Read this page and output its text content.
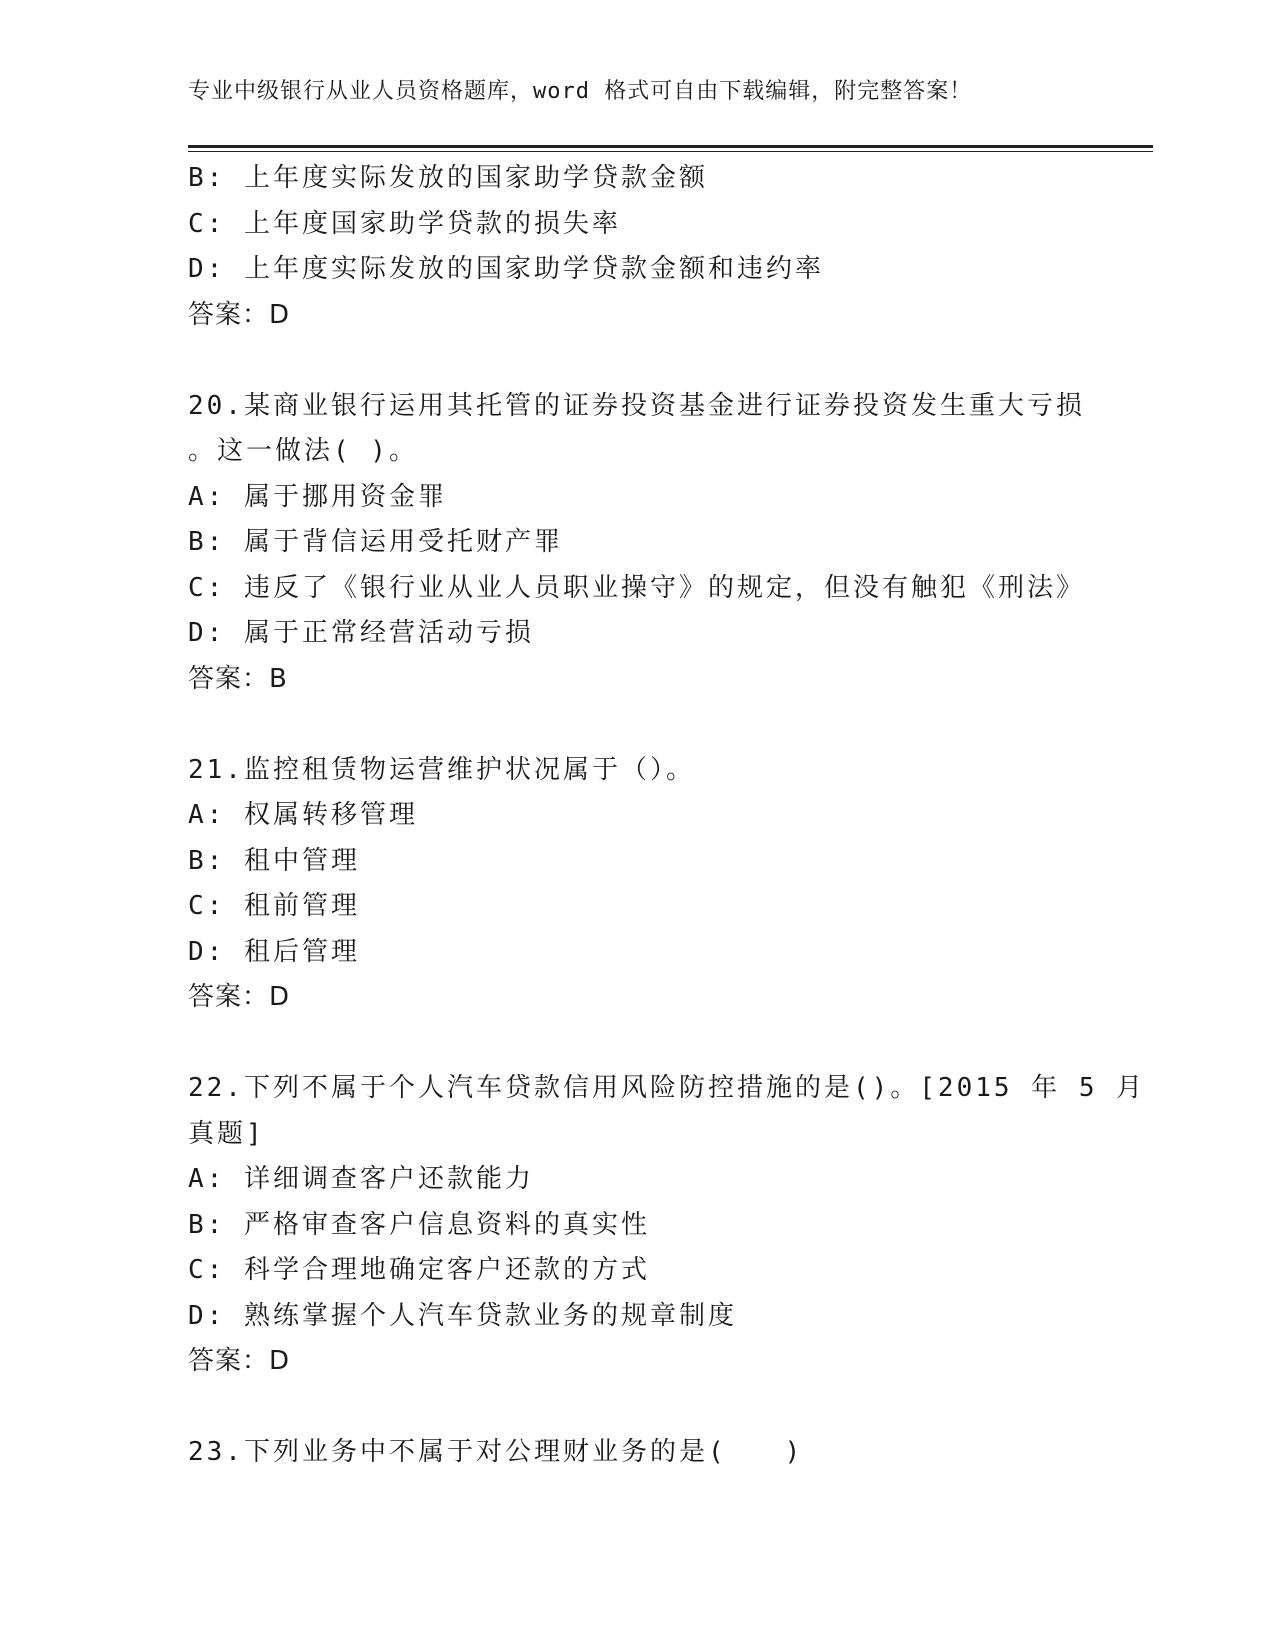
专业中级银行从业人员资格题库，word 格式可自由下载编辑，附完整答案！
B: 上年度实际发放的国家助学贷款金额
C: 上年度国家助学贷款的损失率
D: 上年度实际发放的国家助学贷款金额和违约率
答案：D
20.某商业银行运用其托管的证券投资基金进行证券投资发生重大亏损
。这一做法( )。
A: 属于挪用资金罪
B: 属于背信运用受托财产罪
C: 违反了《银行业从业人员职业操守》的规定，但没有触犯《刑法》
D: 属于正常经营活动亏损
答案：B
21.监控租赁物运营维护状况属于（）。
A: 权属转移管理
B: 租中管理
C: 租前管理
D: 租后管理
答案：D
22.下列不属于个人汽车贷款信用风险防控措施的是()。[2015 年 5 月
真题]
A: 详细调查客户还款能力
B: 严格审查客户信息资料的真实性
C: 科学合理地确定客户还款的方式
D: 熟练掌握个人汽车贷款业务的规章制度
答案：D
23.下列业务中不属于对公理财业务的是(　　)
